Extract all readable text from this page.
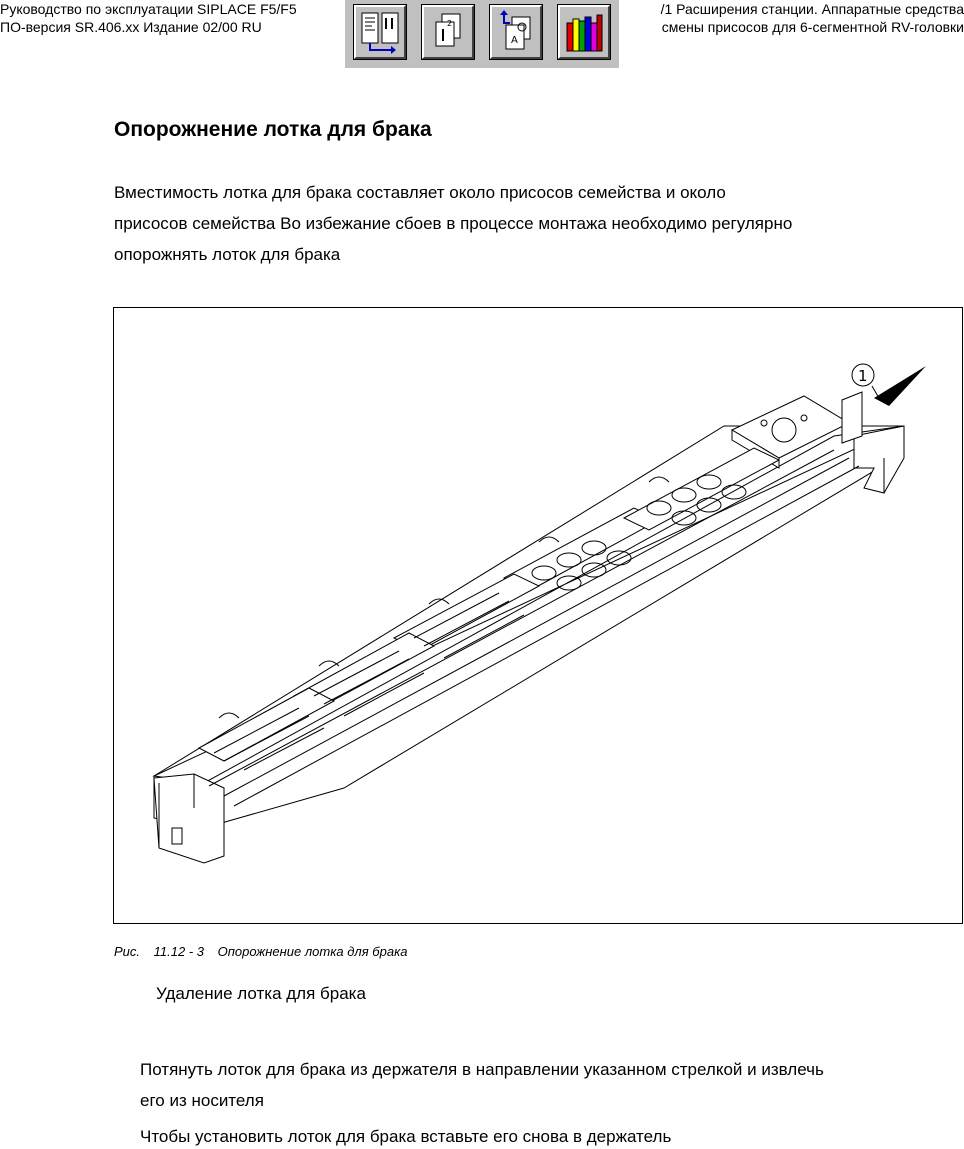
Руководство по эксплуатации SIPLACE F5/F5
ПО-версия SR.406.xx Издание 02/00 RU
/1 Расширения станции. Аппаратные средства
смены присосов для 6-сегментной RV-головки
2
A
Опорожнение лотка для брака
Вместимость лотка для брака составляет около присосов семейства и около
присосов семейства Во избежание сбоев в процессе монтажа необходимо регулярно
опорожнять лоток для брака
1
Рис. 11.12 - 3 Опорожнение лотка для брака
Удаление лотка для брака
Потянуть лоток для брака из держателя в направлении указанном стрелкой и извлечь
его из носителя
Чтобы установить лоток для брака вставьте его снова в держатель
